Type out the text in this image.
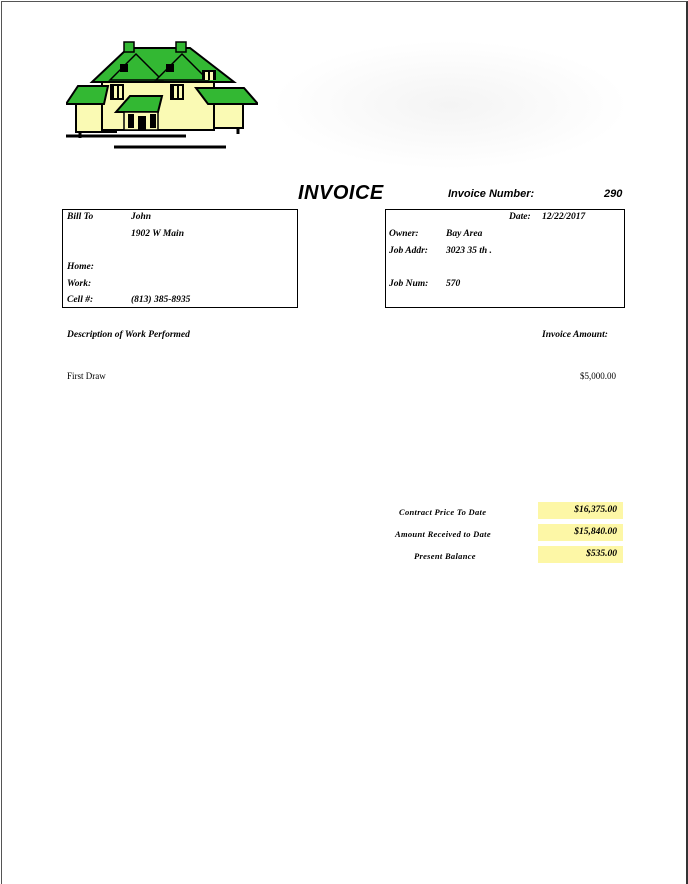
INVOICE	Invoice Number:	290
Bill To	John
1902 W Main
Home:
Work:
Cell #:	(813) 385-8935
Date: 12/22/2017
Owner:	Bay Area
Job Addr: 3023 35 th .
Job Num: 570
Description of Work Performed	Invoice Amount:
First Draw	$5,000.00
Contract Price To Date	$16,375.00
Amount Received to Date	$15,840.00
Present Balance	$535.00
